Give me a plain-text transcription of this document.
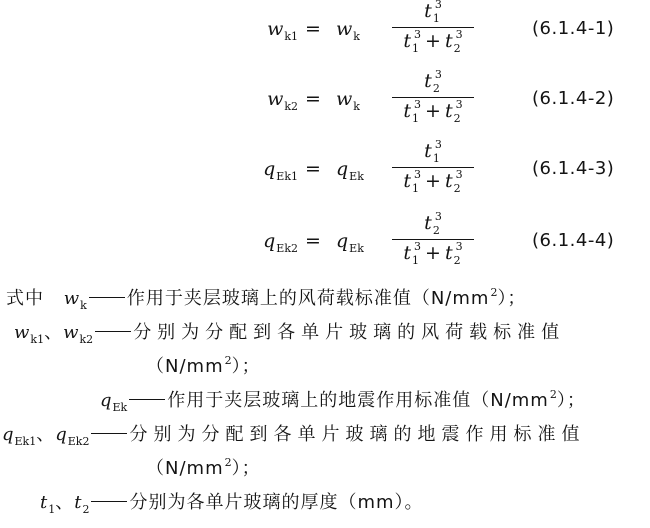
$w_{k1} = w_k$
$t_1^3$
$t_1^3 + t_2^3$	(6.1.4-1)
$w_{k2} = w_k$
$t_2^3$
$t_1^3 + t_2^3$	(6.1.4-2)
$q_{Ek1} = q_{Ek}$
$t_1^3$
$t_1^3 + t_2^3$	(6.1.4-3)
$q_{Ek2} = q_{Ek}$
$t_2^3$
$t_1^3 + t_2^3$	(6.1.4-4)
式中 $w_k$ 作用于夹层玻璃上的风荷载标准值$(N/mm^2)$；
$w_{k1}$、$w_{k2}$ 分别为分配到各单片玻璃的风荷载标准值
$(N/mm^2)$；
$q_{Ek}$ 作用于夹层玻璃上的地震作用标准值$(N/mm^2)$；
$q_{Ek1}$、$q_{Ek2}$ 分别为分配到各单片玻璃的地震作用标准值
$(N/mm^2)$；
$t_1$、$t_2$ 分别为各单片玻璃的厚度（mm）。
